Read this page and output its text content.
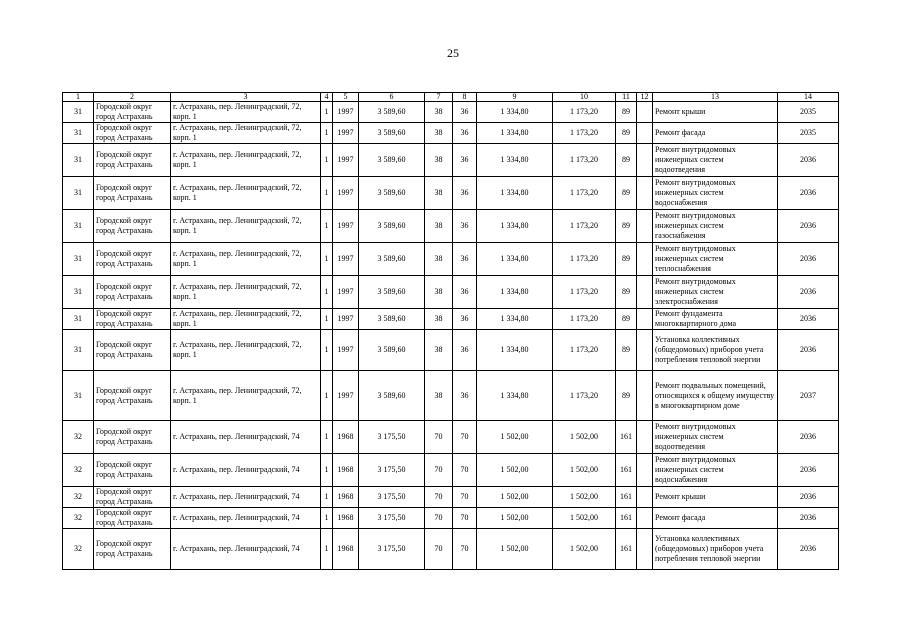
25
1	2	3	4	5	6	7	8	9	10	11	12	13	14
31	Городской округ город Астрахань	г. Астрахань, пер. Ленинградский, 72, корп. 1	1	1997	3 589,60	38	36	1 334,80	1 173,20	89		Ремонт крыши	2035
31	Городской округ город Астрахань	г. Астрахань, пер. Ленинградский, 72, корп. 1	1	1997	3 589,60	38	36	1 334,80	1 173,20	89		Ремонт фасада	2035
31	Городской округ город Астрахань	г. Астрахань, пер. Ленинградский, 72, корп. 1	1	1997	3 589,60	38	36	1 334,80	1 173,20	89		Ремонт внутридомовых инженерных систем водоотведения	2036
31	Городской округ город Астрахань	г. Астрахань, пер. Ленинградский, 72, корп. 1	1	1997	3 589,60	38	36	1 334,80	1 173,20	89		Ремонт внутридомовых инженерных систем водоснабжения	2036
31	Городской округ город Астрахань	г. Астрахань, пер. Ленинградский, 72, корп. 1	1	1997	3 589,60	38	36	1 334,80	1 173,20	89		Ремонт внутридомовых инженерных систем газоснабжения	2036
31	Городской округ город Астрахань	г. Астрахань, пер. Ленинградский, 72, корп. 1	1	1997	3 589,60	38	36	1 334,80	1 173,20	89		Ремонт внутридомовых инженерных систем теплоснабжения	2036
31	Городской округ город Астрахань	г. Астрахань, пер. Ленинградский, 72, корп. 1	1	1997	3 589,60	38	36	1 334,80	1 173,20	89		Ремонт внутридомовых инженерных систем электроснабжения	2036
31	Городской округ город Астрахань	г. Астрахань, пер. Ленинградский, 72, корп. 1	1	1997	3 589,60	38	36	1 334,80	1 173,20	89		Ремонт фундамента многоквартирного дома	2036
31	Городской округ город Астрахань	г. Астрахань, пер. Ленинградский, 72, корп. 1	1	1997	3 589,60	38	36	1 334,80	1 173,20	89		Установка коллективных (общедомовых) приборов учета потребления тепловой энергии	2036
31	Городской округ город Астрахань	г. Астрахань, пер. Ленинградский, 72, корп. 1	1	1997	3 589,60	38	36	1 334,80	1 173,20	89		Ремонт подвальных помещений, относящихся к общему имуществу в многоквартирном доме	2037
32	Городской округ город Астрахань	г. Астрахань, пер. Ленинградский, 74	1	1968	3 175,50	70	70	1 502,00	1 502,00	161		Ремонт внутридомовых инженерных систем водоотведения	2036
32	Городской округ город Астрахань	г. Астрахань, пер. Ленинградский, 74	1	1968	3 175,50	70	70	1 502,00	1 502,00	161		Ремонт внутридомовых инженерных систем водоснабжения	2036
32	Городской округ город Астрахань	г. Астрахань, пер. Ленинградский, 74	1	1968	3 175,50	70	70	1 502,00	1 502,00	161		Ремонт крыши	2036
32	Городской округ город Астрахань	г. Астрахань, пер. Ленинградский, 74	1	1968	3 175,50	70	70	1 502,00	1 502,00	161		Ремонт фасада	2036
32	Городской округ город Астрахань	г. Астрахань, пер. Ленинградский, 74	1	1968	3 175,50	70	70	1 502,00	1 502,00	161		Установка коллективных (общедомовых) приборов учета потребления тепловой энергии	2036
